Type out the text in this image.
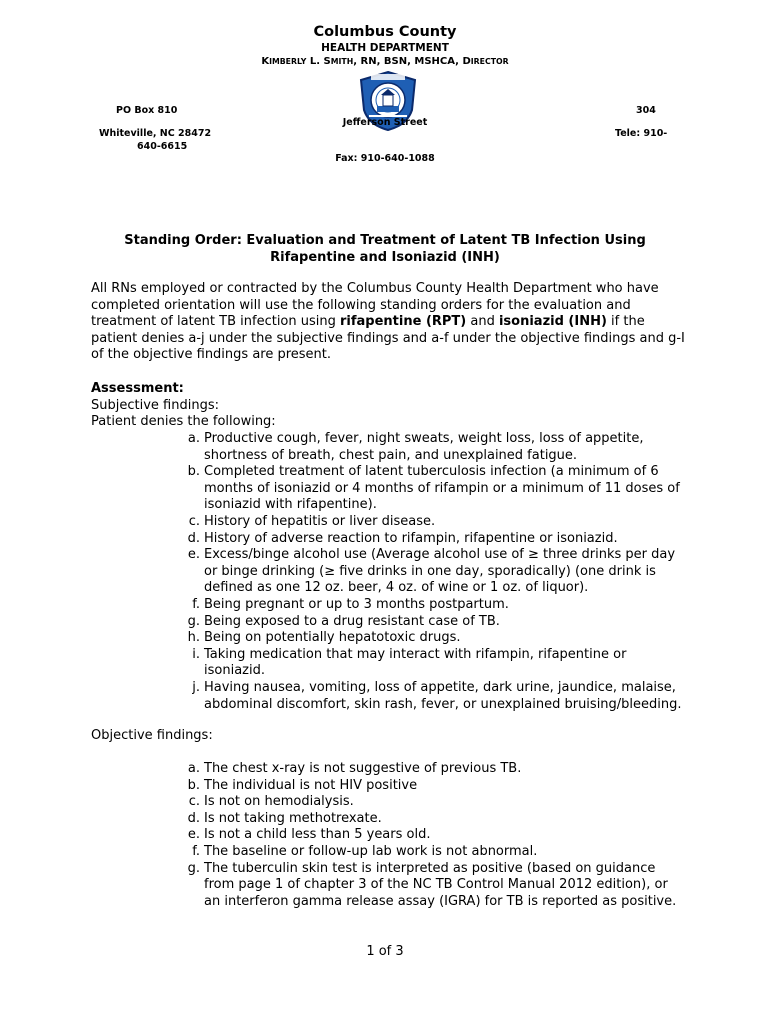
Columbus County
HEALTH DEPARTMENT
KIMBERLY L. SMITH, RN, BSN, MSHCA, DIRECTOR
PO Box 810
Whiteville, NC 28472
640-6615
304
Jefferson Street
Tele: 910-
Fax: 910-640-1088
Standing Order: Evaluation and Treatment of Latent TB Infection Using
Rifapentine and Isoniazid (INH)
All RNs employed or contracted by the Columbus County Health Department who have completed orientation will use the following standing orders for the evaluation and treatment of latent TB infection using rifapentine (RPT) and isoniazid (INH) if the patient denies a-j under the subjective findings and a-f under the objective findings and g-I of the objective findings are present.
Assessment:
Subjective findings:
Patient denies the following:
a. Productive cough, fever, night sweats, weight loss, loss of appetite, shortness of breath, chest pain, and unexplained fatigue.
b. Completed treatment of latent tuberculosis infection (a minimum of 6 months of isoniazid or 4 months of rifampin or a minimum of 11 doses of isoniazid with rifapentine).
c. History of hepatitis or liver disease.
d. History of adverse reaction to rifampin, rifapentine or isoniazid.
e. Excess/binge alcohol use (Average alcohol use of ≥ three drinks per day or binge drinking (≥ five drinks in one day, sporadically) (one drink is defined as one 12 oz. beer, 4 oz. of wine or 1 oz. of liquor).
f. Being pregnant or up to 3 months postpartum.
g. Being exposed to a drug resistant case of TB.
h. Being on potentially hepatotoxic drugs.
i. Taking medication that may interact with rifampin, rifapentine or isoniazid.
j. Having nausea, vomiting, loss of appetite, dark urine, jaundice, malaise, abdominal discomfort, skin rash, fever, or unexplained bruising/bleeding.
Objective findings:
a. The chest x-ray is not suggestive of previous TB.
b. The individual is not HIV positive
c. Is not on hemodialysis.
d. Is not taking methotrexate.
e. Is not a child less than 5 years old.
f. The baseline or follow-up lab work is not abnormal.
g. The tuberculin skin test is interpreted as positive (based on guidance from page 1 of chapter 3 of the NC TB Control Manual 2012 edition), or an interferon gamma release assay (IGRA) for TB is reported as positive.
1 of 3
